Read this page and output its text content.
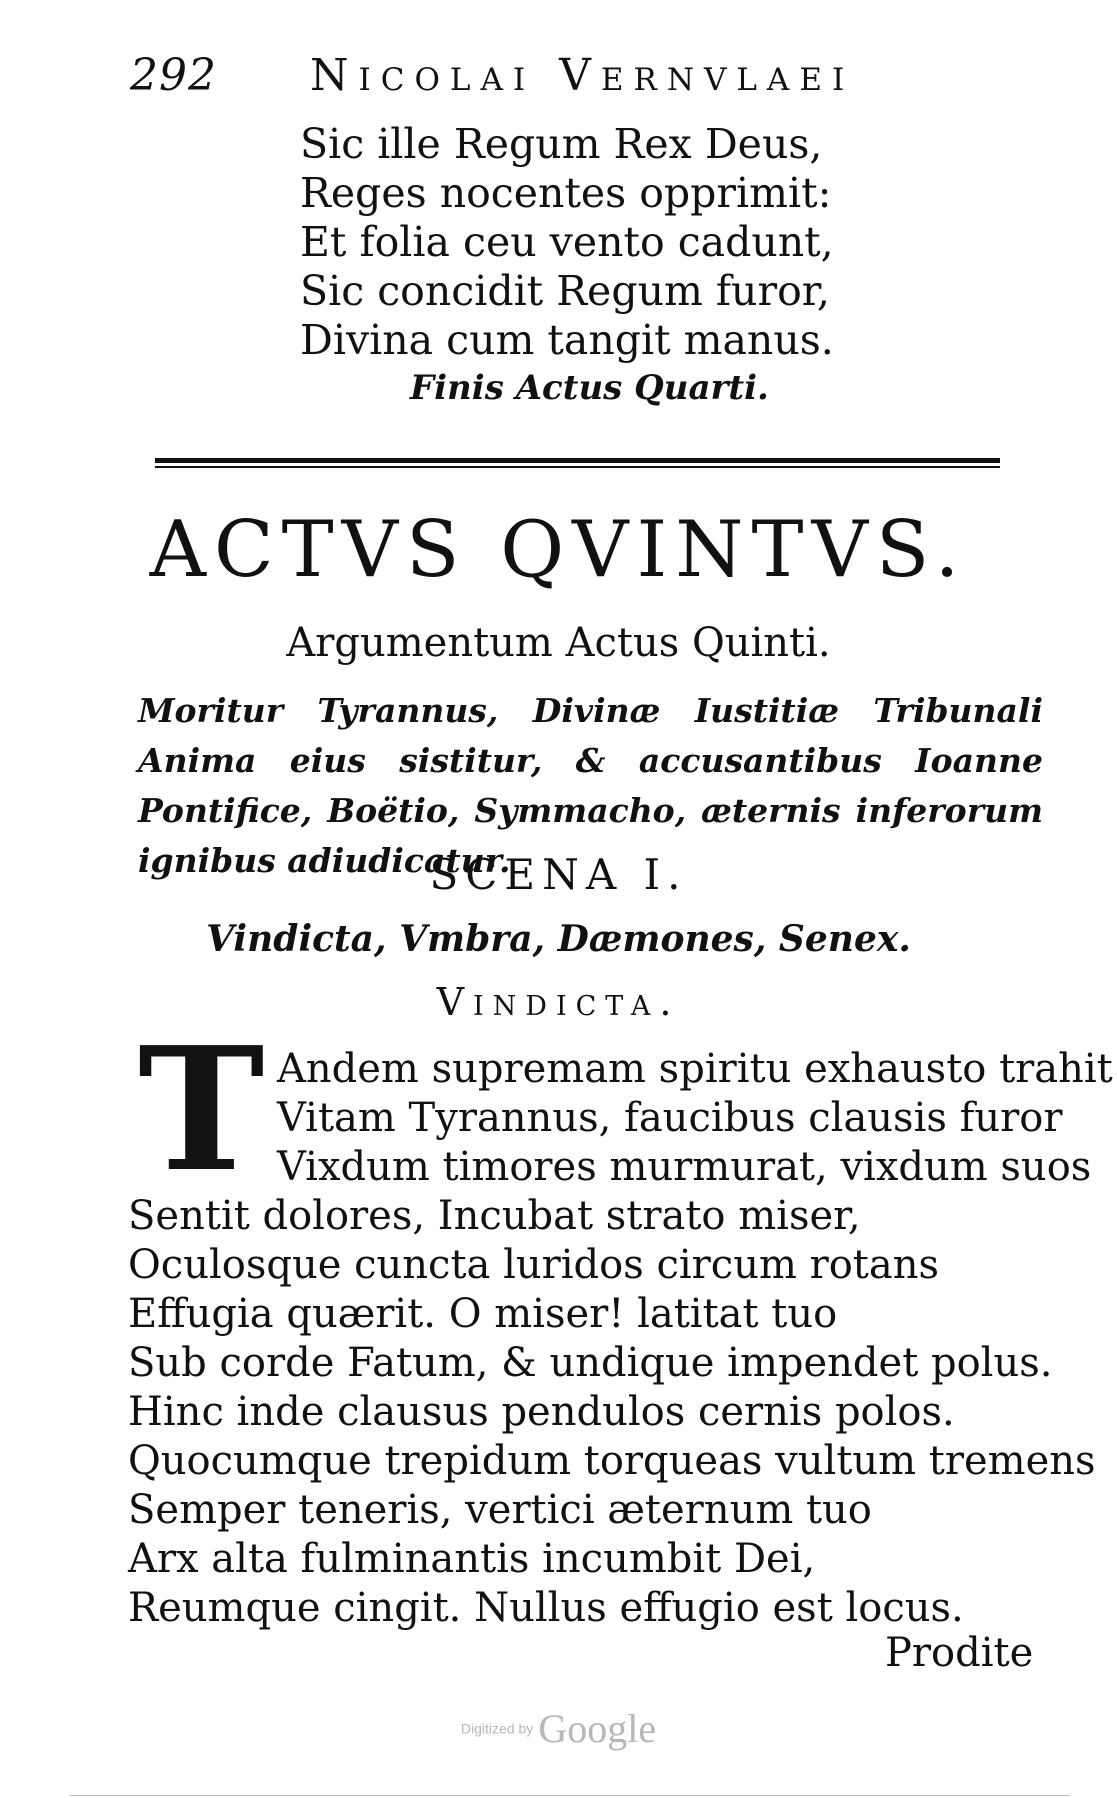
292 Nicolai Vernvlaei
Sic ille Regum Rex Deus,
Reges nocentes opprimit:
Et folia ceu vento cadunt,
Sic concidit Regum furor,
Divina cum tangit manus.
Finis Actus Quarti.
ACTVS QVINTVS.
Argumentum Actus Quinti.
Moritur Tyrannus, Divinæ Iustitiæ Tribunali Anima eius sistitur, & accusantibus Ioanne Pontifice, Boëtio, Symmacho, æternis inferorum ignibus adiudicatur.
SCENA I.
Vindicta, Vmbra, Dæmones, Senex.
Vindicta.
T Andem supremam spiritu exhausto trahit
Vitam Tyrannus, faucibus clausis furor
Vixdum timores murmurat, vixdum suos
Sentit dolores, Incubat strato miser,
Oculosque cuncta luridos circum rotans
Effugia quærit. O miser! latitat tuo
Sub corde Fatum, & undique impendet polus.
Hinc inde clausus pendulos cernis polos.
Quocumque trepidum torqueas vultum tremens
Semper teneris, vertici æternum tuo
Arx alta fulminantis incumbit Dei,
Reumque cingit. Nullus effugio est locus.
Prodite
Digitized by Google
